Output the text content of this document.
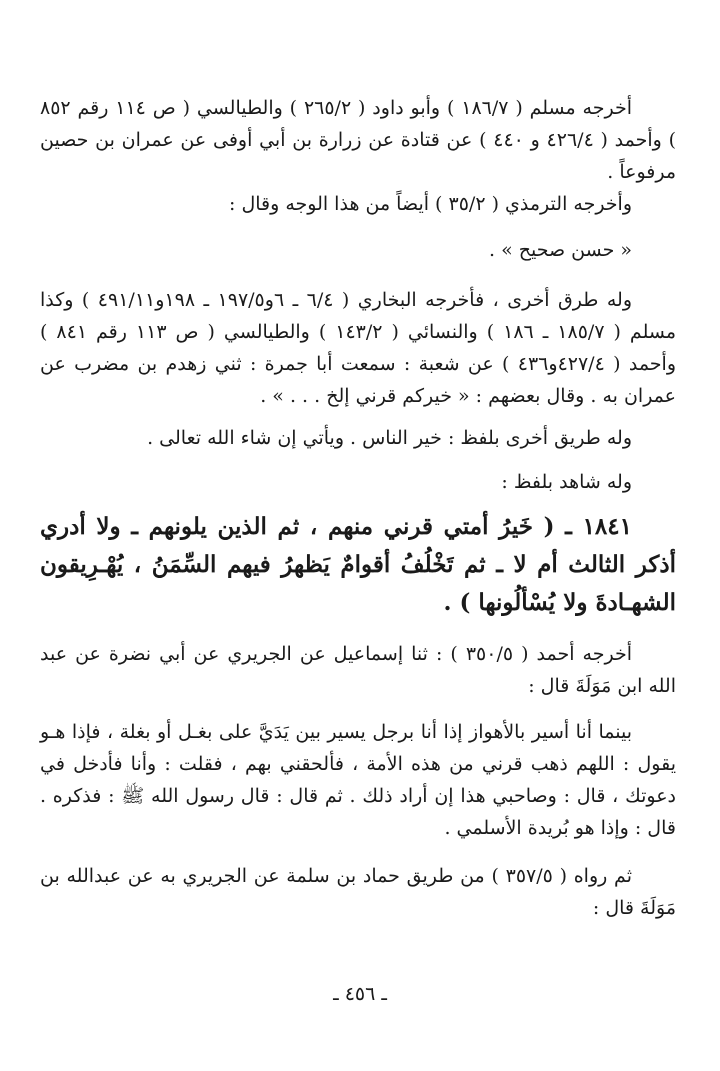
أخرجه مسلم ( ١٨٦/٧ ) وأبو داود ( ٢٦٥/٢ ) والطيالسي ( ص ١١٤ رقم ٨٥٢ ) وأحمد ( ٤٢٦/٤ و ٤٤٠ ) عن قتادة عن زرارة بن أبي أوفى عن عمران بن حصين مرفوعاً .

وأخرجه الترمذي ( ٣٥/٢ ) أيضاً من هذا الوجه وقال :

« حسن صحيح » .

وله طرق أخرى ، فأخرجه البخاري ( ٦/٤ ـ ٦و١٩٧/٥ ـ ١٩٨و٤٩١/١١ ) وكذا مسلم ( ١٨٥/٧ ـ ١٨٦ ) والنسائي ( ١٤٣/٢ ) والطيالسي ( ص ١١٣ رقم ٨٤١ ) وأحمد ( ٤٢٧/٤و٤٣٦ ) عن شعبة : سمعت أبا جمرة : ثني زهدم بن مضرب عن عمران به . وقال بعضهم : « خيركم قرني إلخ . . . » .

وله طريق أخرى بلفظ : خير الناس . ويأتي إن شاء الله تعالى .

وله شاهد بلفظ :

١٨٤١ ـ ( خَيرُ أمتي قرني منهم ، ثم الذين يلونهم ـ ولا أدري أذكر الثالث أم لا ـ ثم تَخْلُفُ أقوامٌ يَظهرُ فيهم السِّمَنُ ، يُهْـرِيقون الشهـادةَ ولا يُسْألُونها ) .

أخرجه أحمد ( ٣٥٠/٥ ) : ثنا إسماعيل عن الجريري عن أبي نضرة عن عبد الله ابن مَوَلَةَ قال :

بينما أنا أسير بالأهواز إذا أنا برجل يسير بين يَدَيَّ على بغـل أو بغلة ، فإذا هـو يقول : اللهم ذهب قرني من هذه الأمة ، فألحقني بهم ، فقلت : وأنا فأدخل في دعوتك ، قال : وصاحبي هذا إن أراد ذلك . ثم قال : قال رسول الله ﷺ : فذكره . قال : وإذا هو بُريدة الأسلمي .

ثم رواه ( ٣٥٧/٥ ) من طريق حماد بن سلمة عن الجريري به عن عبدالله بن مَوَلَةَ قال :

ـ ٤٥٦ ـ
